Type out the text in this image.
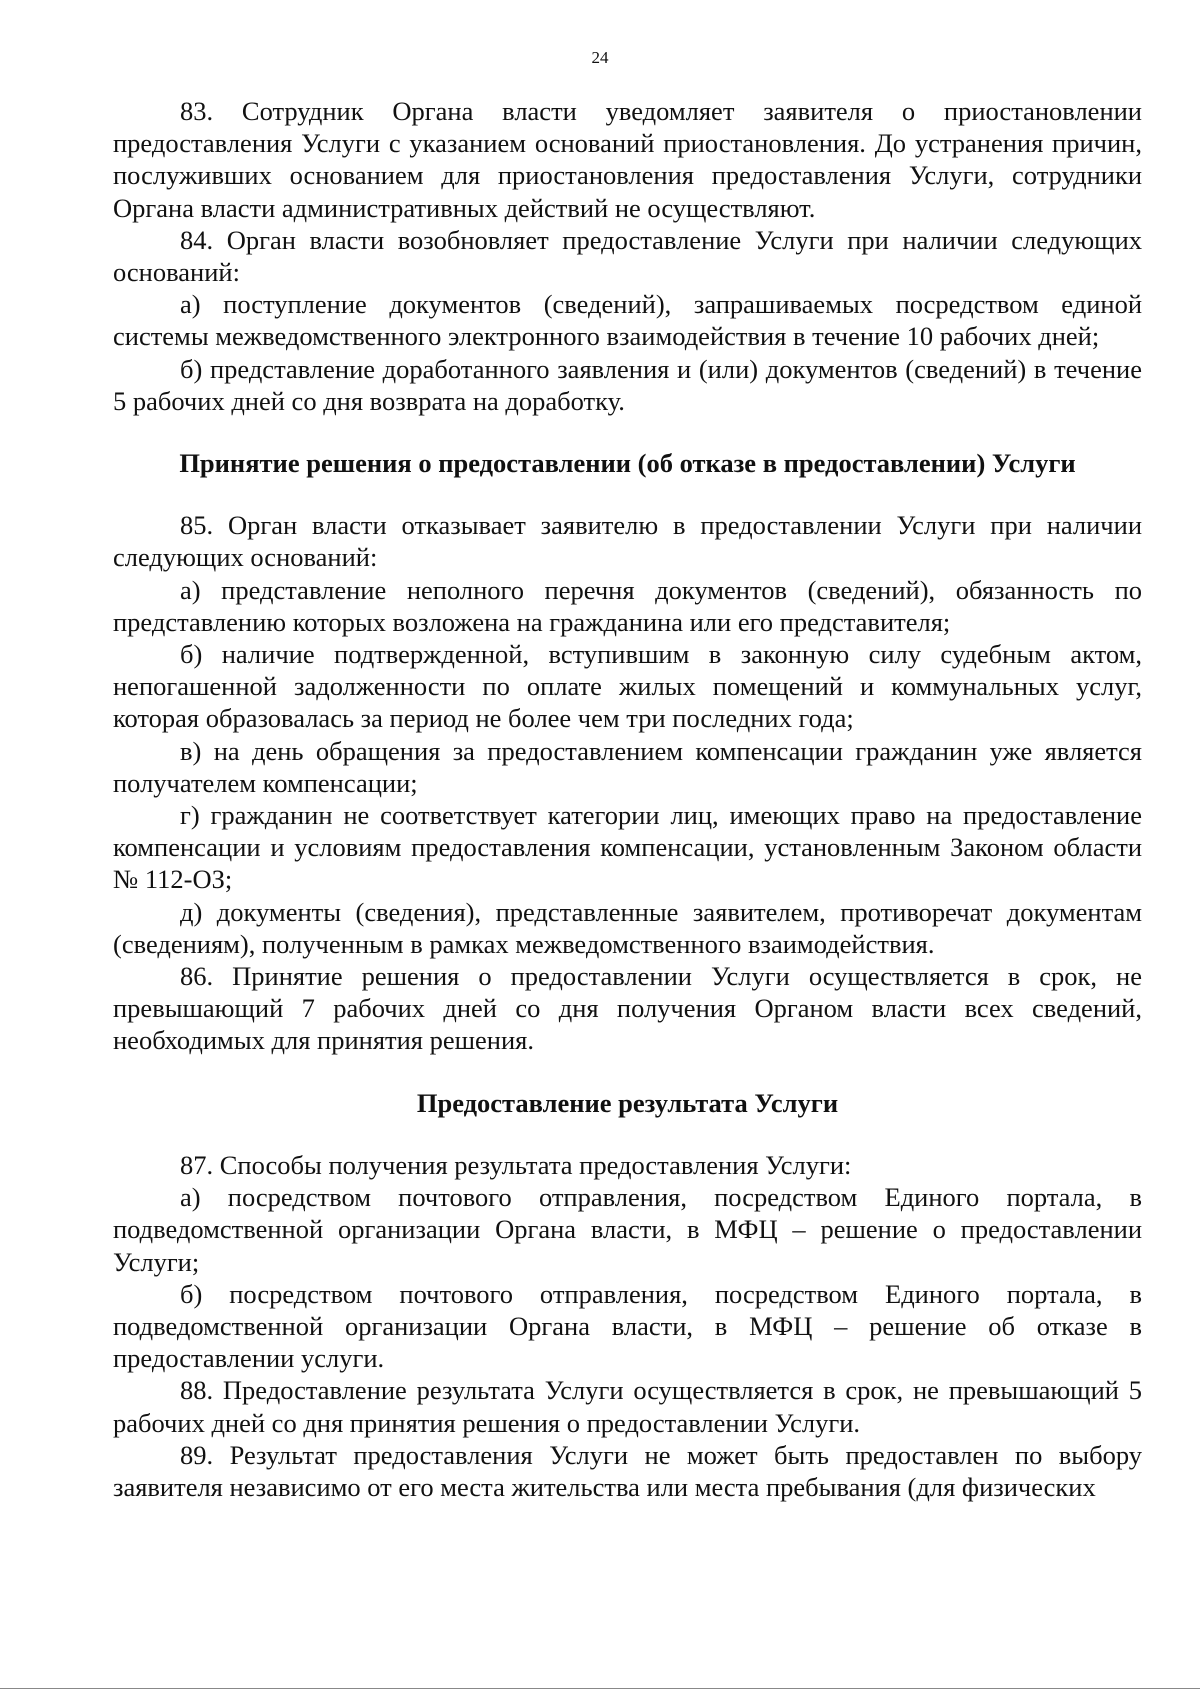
24

83. Сотрудник Органа власти уведомляет заявителя о приостановлении предоставления Услуги с указанием оснований приостановления. До устранения причин, послуживших основанием для приостановления предоставления Услуги, сотрудники Органа власти административных действий не осуществляют.

84. Орган власти возобновляет предоставление Услуги при наличии следующих оснований:

а) поступление документов (сведений), запрашиваемых посредством единой системы межведомственного электронного взаимодействия в течение 10 рабочих дней;

б) представление доработанного заявления и (или) документов (сведений) в течение 5 рабочих дней со дня возврата на доработку.

Принятие решения о предоставлении (об отказе в предоставлении) Услуги

85. Орган власти отказывает заявителю в предоставлении Услуги при наличии следующих оснований:

а) представление неполного перечня документов (сведений), обязанность по представлению которых возложена на гражданина или его представителя;

б) наличие подтвержденной, вступившим в законную силу судебным актом, непогашенной задолженности по оплате жилых помещений и коммунальных услуг, которая образовалась за период не более чем три последних года;

в) на день обращения за предоставлением компенсации гражданин уже является получателем компенсации;

г) гражданин не соответствует категории лиц, имеющих право на предоставление компенсации и условиям предоставления компенсации, установленным Законом области № 112-ОЗ;

д) документы (сведения), представленные заявителем, противоречат документам (сведениям), полученным в рамках межведомственного взаимодействия.

86. Принятие решения о предоставлении Услуги осуществляется в срок, не превышающий 7 рабочих дней со дня получения Органом власти всех сведений, необходимых для принятия решения.

Предоставление результата Услуги

87. Способы получения результата предоставления Услуги:

а) посредством почтового отправления, посредством Единого портала, в подведомственной организации Органа власти, в МФЦ – решение о предоставлении Услуги;

б) посредством почтового отправления, посредством Единого портала, в подведомственной организации Органа власти, в МФЦ – решение об отказе в предоставлении услуги.

88. Предоставление результата Услуги осуществляется в срок, не превышающий 5 рабочих дней со дня принятия решения о предоставлении Услуги.

89. Результат предоставления Услуги не может быть предоставлен по выбору заявителя независимо от его места жительства или места пребывания (для физических
